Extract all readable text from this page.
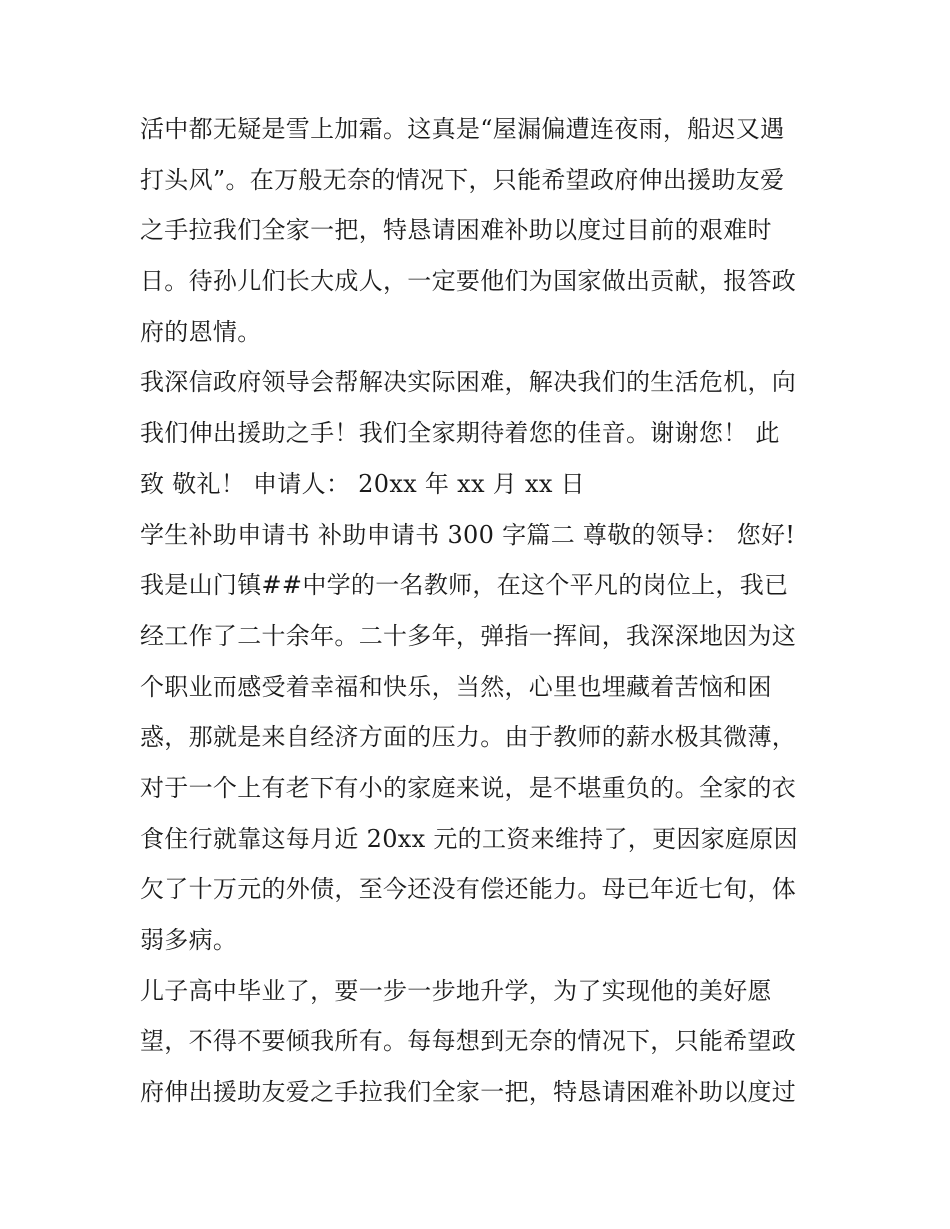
活中都无疑是雪上加霜。这真是“屋漏偏遭连夜雨，船迟又遇
打头风”。在万般无奈的情况下，只能希望政府伸出援助友爱
之手拉我们全家一把，特恳请困难补助以度过目前的艰难时
日。待孙儿们长大成人，一定要他们为国家做出贡献，报答政
府的恩情。
我深信政府领导会帮解决实际困难，解决我们的生活危机，向
我们伸出援助之手！我们全家期待着您的佳音。谢谢您！ 此
致 敬礼！ 申请人： 20xx 年 xx 月 xx 日
学生补助申请书 补助申请书 300 字篇二 尊敬的领导： 您好!
我是山门镇##中学的一名教师，在这个平凡的岗位上，我已
经工作了二十余年。二十多年，弹指一挥间，我深深地因为这
个职业而感受着幸福和快乐，当然，心里也埋藏着苦恼和困
惑，那就是来自经济方面的压力。由于教师的薪水极其微薄，
对于一个上有老下有小的家庭来说，是不堪重负的。全家的衣
食住行就靠这每月近 20xx 元的工资来维持了，更因家庭原因
欠了十万元的外债，至今还没有偿还能力。母已年近七旬，体
弱多病。
儿子高中毕业了，要一步一步地升学，为了实现他的美好愿
望，不得不要倾我所有。每每想到无奈的情况下，只能希望政
府伸出援助友爱之手拉我们全家一把，特恳请困难补助以度过
